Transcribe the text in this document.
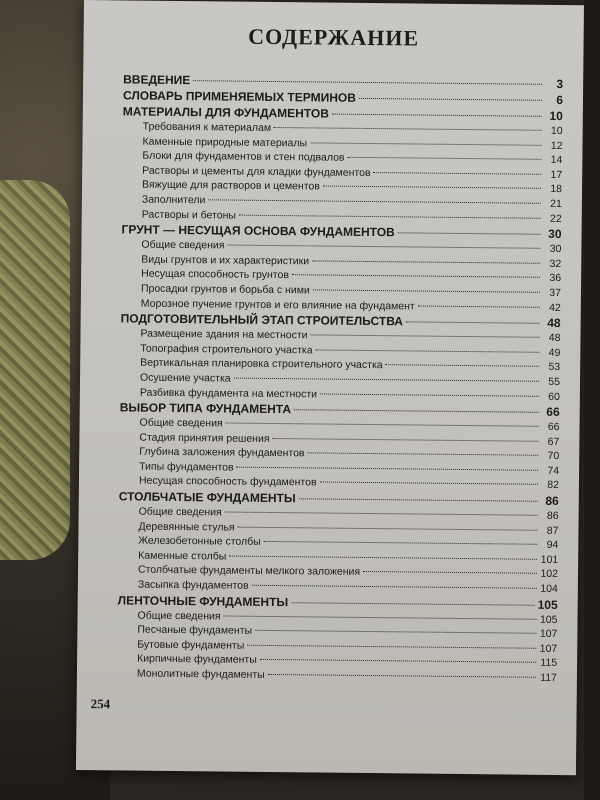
СОДЕРЖАНИЕ
ВВЕДЕНИЕ	3
СЛОВАРЬ ПРИМЕНЯЕМЫХ ТЕРМИНОВ	6
МАТЕРИАЛЫ ДЛЯ ФУНДАМЕНТОВ	10
Требования к материалам	10
Каменные природные материалы	12
Блоки для фундаментов и стен подвалов	14
Растворы и цементы для кладки фундаментов	17
Вяжущие для растворов и цементов	18
Заполнители	21
Растворы и бетоны	22
ГРУНТ — НЕСУЩАЯ ОСНОВА ФУНДАМЕНТОВ	30
Общие сведения	30
Виды грунтов и их характеристики	32
Несущая способность грунтов	36
Просадки грунтов и борьба с ними	37
Морозное пучение грунтов и его влияние на фундамент	42
ПОДГОТОВИТЕЛЬНЫЙ ЭТАП СТРОИТЕЛЬСТВА	48
Размещение здания на местности	48
Топография строительного участка	49
Вертикальная планировка строительного участка	53
Осушение участка	55
Разбивка фундамента на местности	60
ВЫБОР ТИПА ФУНДАМЕНТА	66
Общие сведения	66
Стадия принятия решения	67
Глубина заложения фундаментов	70
Типы фундаментов	74
Несущая способность фундаментов	82
СТОЛБЧАТЫЕ ФУНДАМЕНТЫ	86
Общие сведения	86
Деревянные стулья	87
Железобетонные столбы	94
Каменные столбы	101
Столбчатые фундаменты мелкого заложения	102
Засыпка фундаментов	104
ЛЕНТОЧНЫЕ ФУНДАМЕНТЫ	105
Общие сведения	105
Песчаные фундаменты	107
Бутовые фундаменты	107
Кирпичные фундаменты	115
Монолитные фундаменты	117
254
